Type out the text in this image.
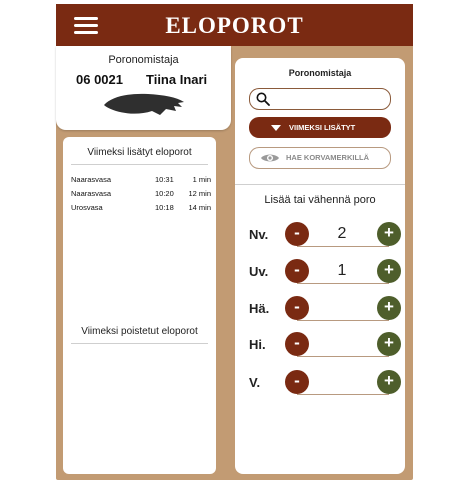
ELOPOROT
Poronomistaja
06 0021 Tiina Inari
Viimeksi lisätyt eloporot
Naarasvasa	10:31	1 min
Naarasvasa	10:20 12 min
Urosvasa	10:18 14 min
Viimeksi poistetut eloporot
Poronomistaja
VIIMEKSI LISÄTYT
HAE KORVAMERKILLÄ
Lisää tai vähennä poro
Nv.	-	2	+
Uv.	-	1	+
Hä.	-	+
Hi.	-	+
V.	-	+
